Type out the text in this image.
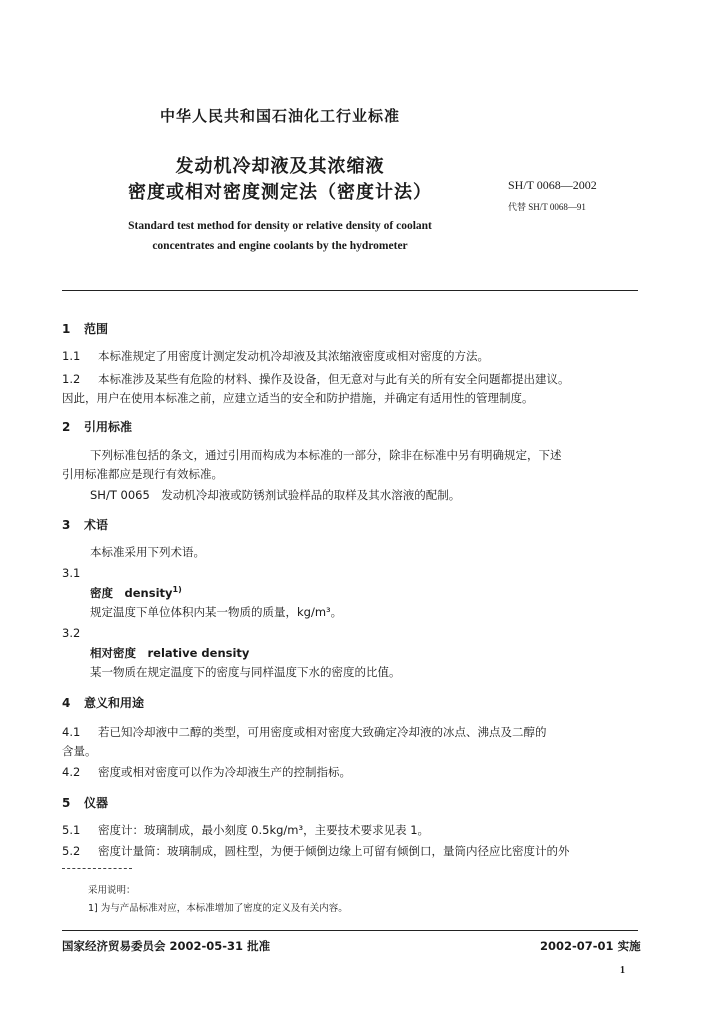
中华人民共和国石油化工行业标准
发动机冷却液及其浓缩液
密度或相对密度测定法（密度计法）	SH/T 0068—2002
代替 SH/T 0068—91
Standard test method for density or relative density of coolant
concentrates and engine coolants by the hydrometer
1 范围
1.1 本标准规定了用密度计测定发动机冷却液及其浓缩液密度或相对密度的方法。
1.2 本标准涉及某些有危险的材料、操作及设备，但无意对与此有关的所有安全问题都提出建议。
因此，用户在使用本标准之前，应建立适当的安全和防护措施，并确定有适用性的管理制度。
2 引用标准
下列标准包括的条文，通过引用而构成为本标准的一部分，除非在标准中另有明确规定，下述
引用标准都应是现行有效标准。
SH/T 0065　发动机冷却液或防锈剂试验样品的取样及其水溶液的配制。
3 术语
本标准采用下列术语。
3.1
密度　density$^{1)}$
规定温度下单位体积内某一物质的质量，kg/m³。
3.2
相对密度　relative density
某一物质在规定温度下的密度与同样温度下水的密度的比值。
4 意义和用途
4.1 若已知冷却液中二醇的类型，可用密度或相对密度大致确定冷却液的冰点、沸点及二醇的
含量。
4.2 密度或相对密度可以作为冷却液生产的控制指标。
5 仪器
5.1 密度计：玻璃制成，最小刻度 0.5kg/m³，主要技术要求见表 1。
5.2 密度计量筒：玻璃制成，圆柱型，为便于倾倒边缘上可留有倾倒口，量筒内径应比密度计的外
采用说明：
1] 为与产品标准对应，本标准增加了密度的定义及有关内容。
国家经济贸易委员会 2002-05-31 批准	2002-07-01 实施
1
